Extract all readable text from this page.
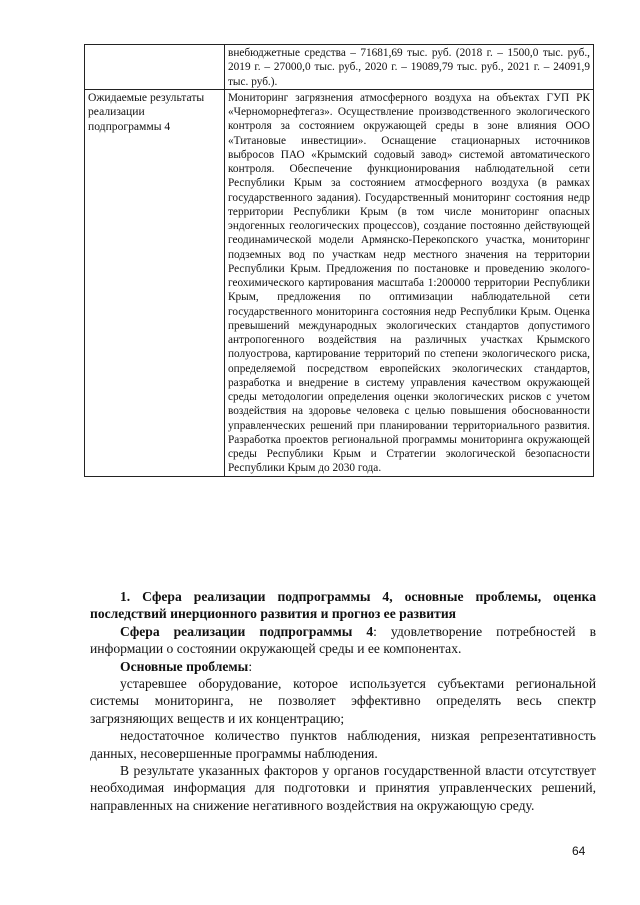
	внебюджетные средства – 71681,69 тыс. руб. (2018 г. – 1500,0 тыс. руб., 2019 г. – 27000,0 тыс. руб., 2020 г. – 19089,79 тыс. руб., 2021 г. – 24091,9 тыс. руб.).
Ожидаемые результаты реализации подпрограммы 4	Мониторинг загрязнения атмосферного воздуха на объектах ГУП РК «Черноморнефтегаз». Осуществление производственного экологического контроля за состоянием окружающей среды в зоне влияния ООО «Титановые инвестиции». Оснащение стационарных источников выбросов ПАО «Крымский содовый завод» системой автоматического контроля. Обеспечение функционирования наблюдательной сети Республики Крым за состоянием атмосферного воздуха (в рамках государственного задания). Государственный мониторинг состояния недр территории Республики Крым (в том числе мониторинг опасных эндогенных геологических процессов), создание постоянно действующей геодинамической модели Армянско-Перекопского участка, мониторинг подземных вод по участкам недр местного значения на территории Республики Крым. Предложения по постановке и проведению эколого-геохимического картирования масштаба 1:200000 территории Республики Крым, предложения по оптимизации наблюдательной сети государственного мониторинга состояния недр Республики Крым. Оценка превышений международных экологических стандартов допустимого антропогенного воздействия на различных участках Крымского полуострова, картирование территорий по степени экологического риска, определяемой посредством европейских экологических стандартов, разработка и внедрение в систему управления качеством окружающей среды методологии определения оценки экологических рисков с учетом воздействия на здоровье человека с целью повышения обоснованности управленческих решений при планировании территориального развития. Разработка проектов региональной программы мониторинга окружающей среды Республики Крым и Стратегии экологической безопасности Республики Крым до 2030 года.

1. Сфера реализации подпрограммы 4, основные проблемы, оценка последствий инерционного развития и прогноз ее развития

Сфера реализации подпрограммы 4: удовлетворение потребностей в информации о состоянии окружающей среды и ее компонентах.

Основные проблемы:

устаревшее оборудование, которое используется субъектами региональной системы мониторинга, не позволяет эффективно определять весь спектр загрязняющих веществ и их концентрацию;

недостаточное количество пунктов наблюдения, низкая репрезентативность данных, несовершенные программы наблюдения.

В результате указанных факторов у органов государственной власти отсутствует необходимая информация для подготовки и принятия управленческих решений, направленных на снижение негативного воздействия на окружающую среду.

64
